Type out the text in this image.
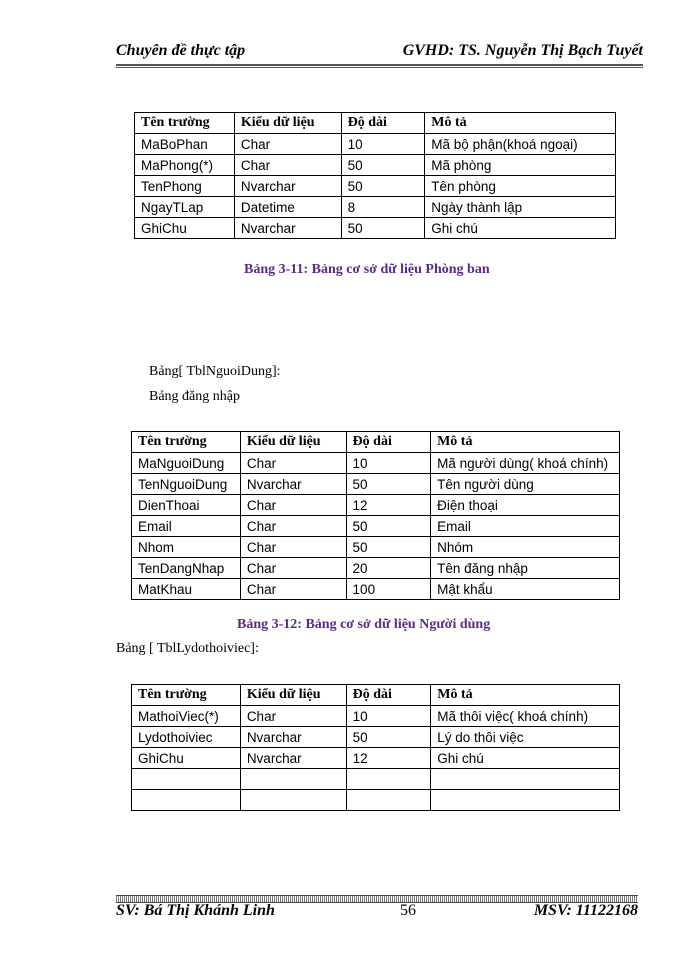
Chuyên đề thực tập	GVHD: TS. Nguyễn Thị Bạch Tuyết
Tên trường	Kiểu dữ liệu	Độ dài	Mô tả
MaBoPhan	Char	10	Mã bộ phận(khoá ngoại)
MaPhong(*)	Char	50	Mã phòng
TenPhong	Nvarchar	50	Tên phòng
NgayTLap	Datetime	8	Ngày thành lập
GhiChu	Nvarchar	50	Ghi chú
Bảng 3-11: Bảng cơ sở dữ liệu Phòng ban
Bảng[ TblNguoiDung]:
Bảng đăng nhập
Tên trường	Kiểu dữ liệu	Độ dài	Mô tả
MaNguoiDung	Char	10	Mã người dùng( khoá chính)
TenNguoiDung	Nvarchar	50	Tên người dùng
DienThoai	Char	12	Điện thoại
Email	Char	50	Email
Nhom	Char	50	Nhóm
TenDangNhap	Char	20	Tên đăng nhập
MatKhau	Char	100	Mật khẩu
Bảng 3-12: Bảng cơ sở dữ liệu Người dùng
Bảng [ TblLydothoiviec]:
Tên trường	Kiểu dữ liệu	Độ dài	Mô tả
MathoiViec(*)	Char	10	Mã thôi việc( khoá chính)
Lydothoiviec	Nvarchar	50	Lý do thôi việc
GhiChu	Nvarchar	12	Ghi chú

SV: Bá Thị Khánh Linh	56	MSV: 11122168
